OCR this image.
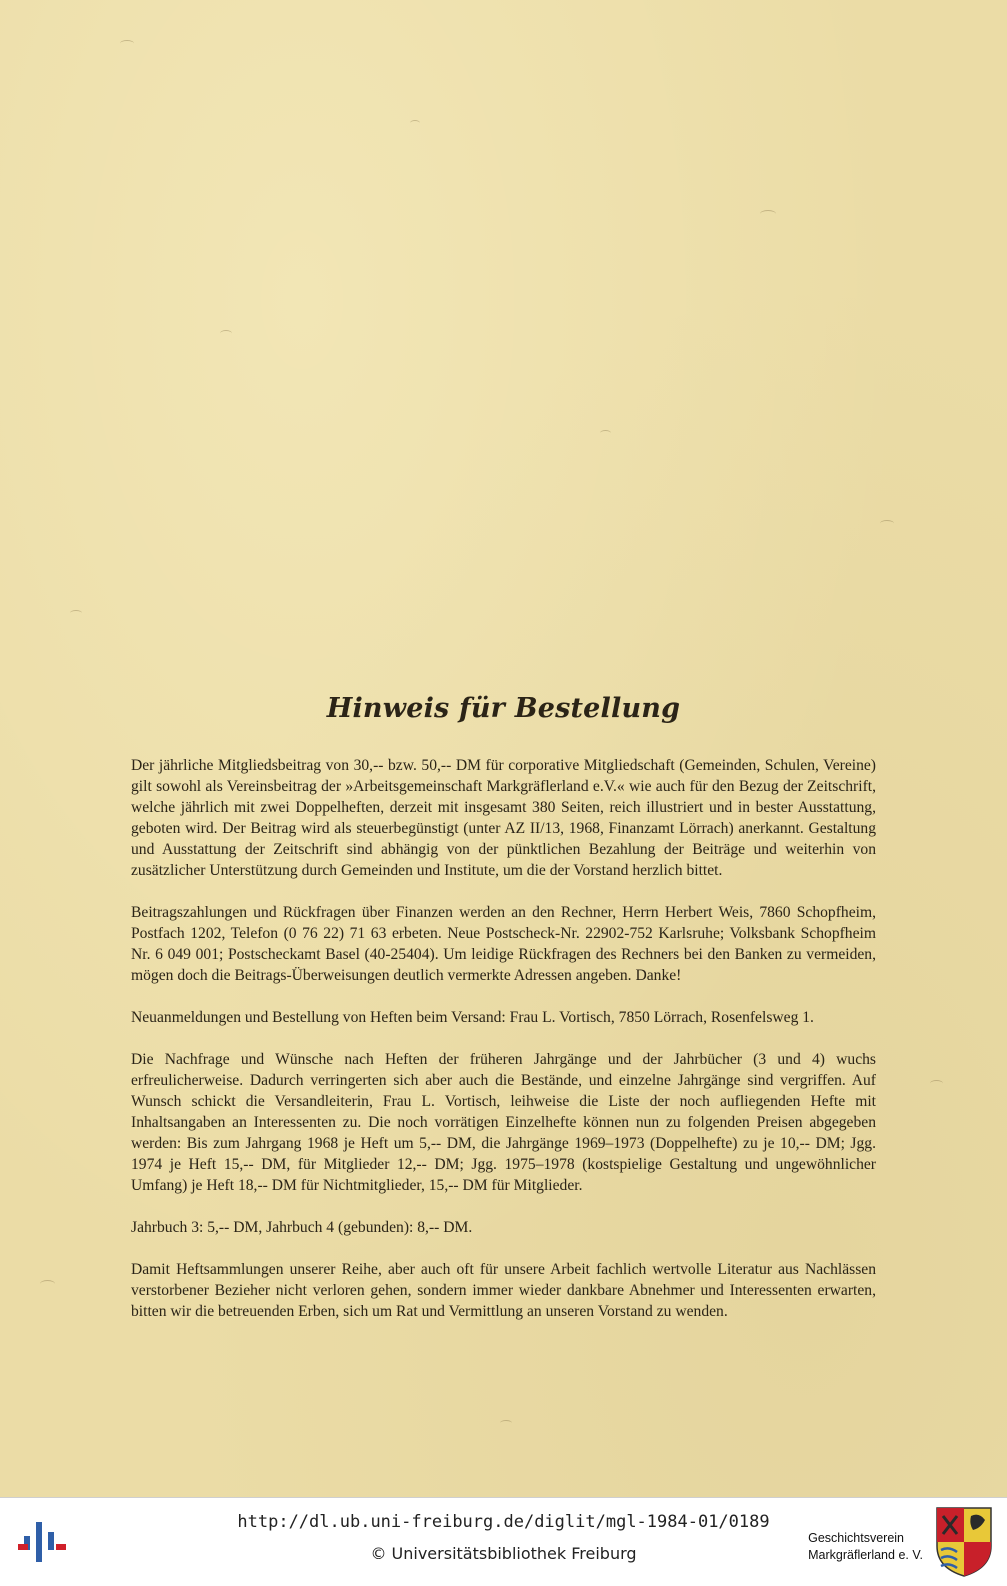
Hinweis für Bestellung

Der jährliche Mitgliedsbeitrag von 30,-- bzw. 50,-- DM für corporative Mitgliedschaft (Gemeinden, Schulen, Vereine) gilt sowohl als Vereinsbeitrag der »Arbeitsgemeinschaft Markgräflerland e.V.« wie auch für den Bezug der Zeitschrift, welche jährlich mit zwei Doppelheften, derzeit mit insgesamt 380 Seiten, reich illustriert und in bester Ausstattung, geboten wird. Der Beitrag wird als steuerbegünstigt (unter AZ II/13, 1968, Finanzamt Lörrach) anerkannt. Gestaltung und Ausstattung der Zeitschrift sind abhängig von der pünktlichen Bezahlung der Beiträge und weiterhin von zusätzlicher Unterstützung durch Gemeinden und Institute, um die der Vorstand herzlich bittet.

Beitragszahlungen und Rückfragen über Finanzen werden an den Rechner, Herrn Herbert Weis, 7860 Schopfheim, Postfach 1202, Telefon (0 76 22) 71 63 erbeten. Neue Postscheck-Nr. 22902-752 Karlsruhe; Volksbank Schopfheim Nr. 6 049 001; Postscheckamt Basel (40-25404). Um leidige Rückfragen des Rechners bei den Banken zu vermeiden, mögen doch die Beitrags-Überweisungen deutlich vermerkte Adressen angeben. Danke!

Neuanmeldungen und Bestellung von Heften beim Versand: Frau L. Vortisch, 7850 Lörrach, Rosenfelsweg 1.

Die Nachfrage und Wünsche nach Heften der früheren Jahrgänge und der Jahrbücher (3 und 4) wuchs erfreulicherweise. Dadurch verringerten sich aber auch die Bestände, und einzelne Jahrgänge sind vergriffen. Auf Wunsch schickt die Versandleiterin, Frau L. Vortisch, leihweise die Liste der noch aufliegenden Hefte mit Inhaltsangaben an Interessenten zu. Die noch vorrätigen Einzelhefte können nun zu folgenden Preisen abgegeben werden: Bis zum Jahrgang 1968 je Heft um 5,-- DM, die Jahrgänge 1969–1973 (Doppelhefte) zu je 10,-- DM; Jgg. 1974 je Heft 15,-- DM, für Mitglieder 12,-- DM; Jgg. 1975–1978 (kostspielige Gestaltung und ungewöhnlicher Umfang) je Heft 18,-- DM für Nichtmitglieder, 15,-- DM für Mitglieder.

Jahrbuch 3: 5,-- DM, Jahrbuch 4 (gebunden): 8,-- DM.

Damit Heftsammlungen unserer Reihe, aber auch oft für unsere Arbeit fachlich wertvolle Literatur aus Nachlässen verstorbener Bezieher nicht verloren gehen, sondern immer wieder dankbare Abnehmer und Interessenten erwarten, bitten wir die betreuenden Erben, sich um Rat und Vermittlung an unseren Vorstand zu wenden.

http://dl.ub.uni-freiburg.de/diglit/mgl-1984-01/0189
© Universitätsbibliothek Freiburg
Geschichtsverein
Markgräflerland e. V.
